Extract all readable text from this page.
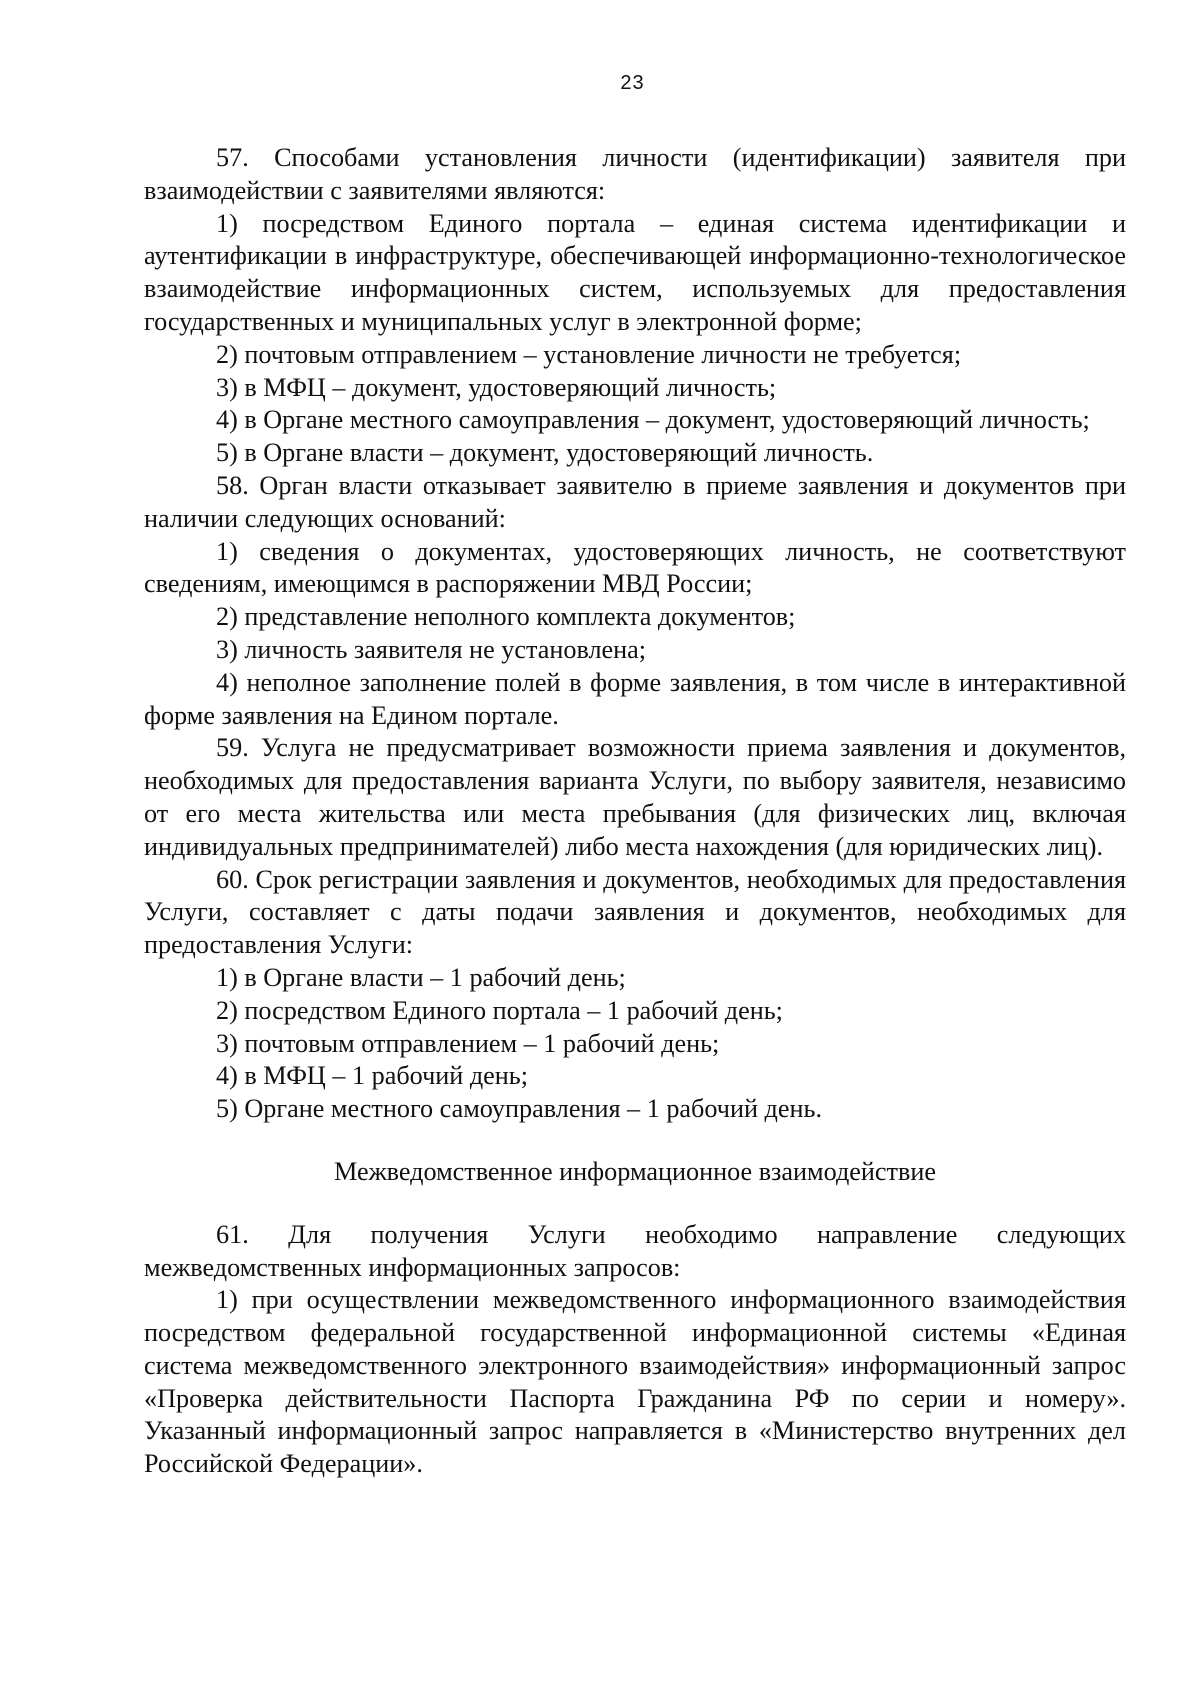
23

57. Способами установления личности (идентификации) заявителя при взаимодействии с заявителями являются:

1) посредством Единого портала – единая система идентификации и аутентификации в инфраструктуре, обеспечивающей информационно-технологическое взаимодействие информационных систем, используемых для предоставления государственных и муниципальных услуг в электронной форме;

2) почтовым отправлением – установление личности не требуется;

3) в МФЦ – документ, удостоверяющий личность;

4) в Органе местного самоуправления – документ, удостоверяющий личность;

5) в Органе власти – документ, удостоверяющий личность.

58. Орган власти отказывает заявителю в приеме заявления и документов при наличии следующих оснований:

1) сведения о документах, удостоверяющих личность, не соответствуют сведениям, имеющимся в распоряжении МВД России;

2) представление неполного комплекта документов;

3) личность заявителя не установлена;

4) неполное заполнение полей в форме заявления, в том числе в интерактивной форме заявления на Едином портале.

59. Услуга не предусматривает возможности приема заявления и документов, необходимых для предоставления варианта Услуги, по выбору заявителя, независимо от его места жительства или места пребывания (для физических лиц, включая индивидуальных предпринимателей) либо места нахождения (для юридических лиц).

60. Срок регистрации заявления и документов, необходимых для предоставления Услуги, составляет с даты подачи заявления и документов, необходимых для предоставления Услуги:

1) в Органе власти – 1 рабочий день;

2) посредством Единого портала – 1 рабочий день;

3) почтовым отправлением – 1 рабочий день;

4) в МФЦ – 1 рабочий день;

5) Органе местного самоуправления – 1 рабочий день.

Межведомственное информационное взаимодействие

61. Для получения Услуги необходимо направление следующих межведомственных информационных запросов:

1) при осуществлении межведомственного информационного взаимодействия посредством федеральной государственной информационной системы «Единая система межведомственного электронного взаимодействия» информационный запрос «Проверка действительности Паспорта Гражданина РФ по серии и номеру». Указанный информационный запрос направляется в «Министерство внутренних дел Российской Федерации».
